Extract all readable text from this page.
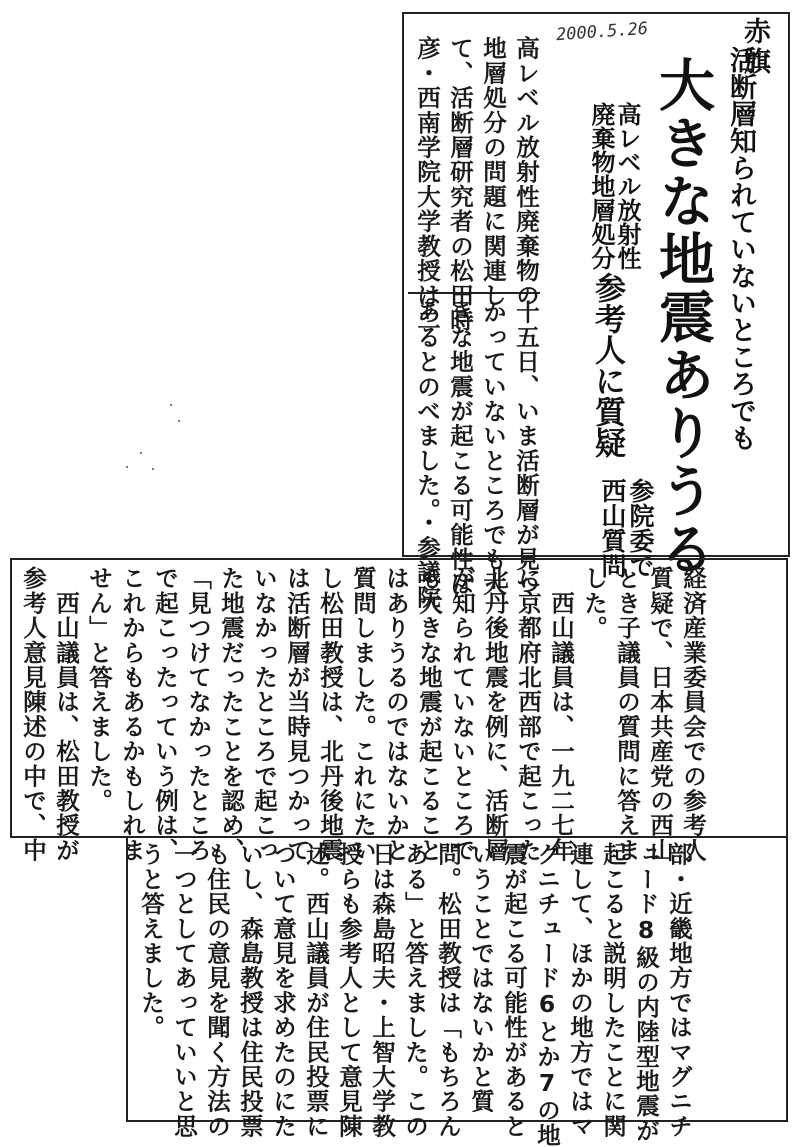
赤旗
2000.5.26
活断層知られていないところでも
大きな地震ありうる
高レベル放射性
廃棄物地層処分
参考人に質疑
参院委で
西山質問
高レベル放射性廃棄物の
地層処分の問題に関連し
て、活断層研究者の松田時
彦・西南学院大学教授は二
十五日、いま活断層が見つ
かっていないところでも大
きな地震が起こる可能性は
あるとのべました。・参議院
経済産業委員会での参考人
質疑で、日本共産党の西山
とき子議員の質問に答えま
した。
　西山議員は、一九二七年
に京都府北西部で起こった
北丹後地震を例に、活断層
が知られていないところで
も大きな地震が起こること
はありうるのではないかと
質問しました。これにたい
し松田教授は、北丹後地震
は活断層が当時見つかって
いなかったところで起こっ
た地震だったことを認め、
「見つけてなかったところ
で起こったっていう例は、
これからもあるかもしれま
せん」と答えました。
　西山議員は、松田教授が
参考人意見陳述の中で、中
部・近畿地方ではマグニチ
ュード8級の内陸型地震が
起こると説明したことに関
連して、ほかの地方ではマ
グニチュード6とか7の地
震が起こる可能性があると
いうことではないかと質
問。松田教授は「もちろん
ある」と答えました。この
日は森島昭夫・上智大学教
授らも参考人として意見陳
述。西山議員が住民投票に
ついて意見を求めたのにた
いし、森島教授は住民投票
も住民の意見を聞く方法の
一つとしてあっていいと思
うと答えました。
